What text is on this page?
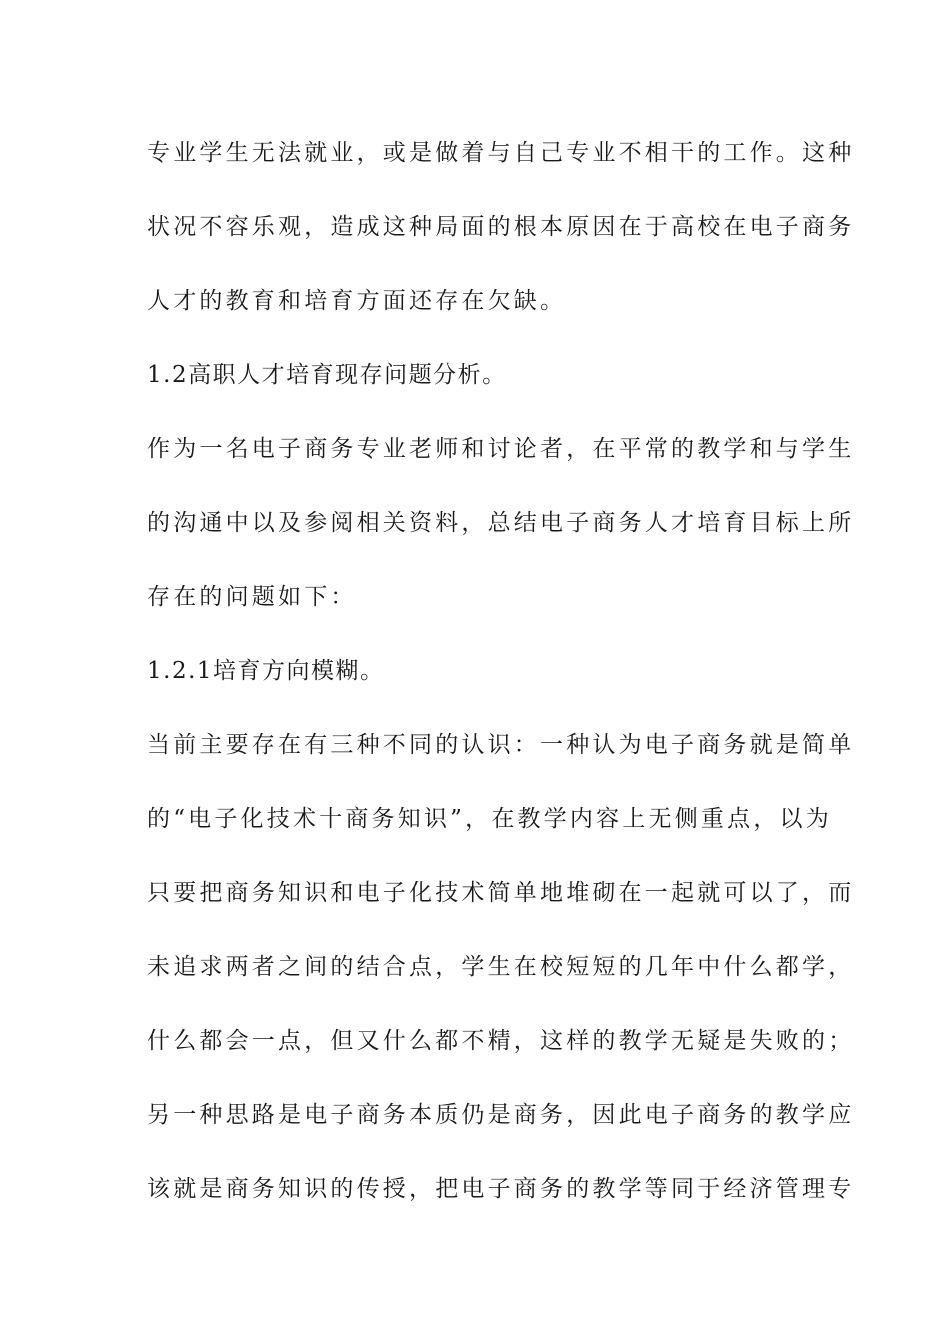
专业学生无法就业，或是做着与自己专业不相干的工作。这种
状况不容乐观，造成这种局面的根本原因在于高校在电子商务
人才的教育和培育方面还存在欠缺。
1.2高职人才培育现存问题分析。
作为一名电子商务专业老师和讨论者，在平常的教学和与学生
的沟通中以及参阅相关资料，总结电子商务人才培育目标上所
存在的问题如下：
1.2.1培育方向模糊。
当前主要存在有三种不同的认识：一种认为电子商务就是简单
的“电子化技术十商务知识”，在教学内容上无侧重点，以为
只要把商务知识和电子化技术简单地堆砌在一起就可以了，而
未追求两者之间的结合点，学生在校短短的几年中什么都学，
什么都会一点，但又什么都不精，这样的教学无疑是失败的；
另一种思路是电子商务本质仍是商务，因此电子商务的教学应
该就是商务知识的传授，把电子商务的教学等同于经济管理专
